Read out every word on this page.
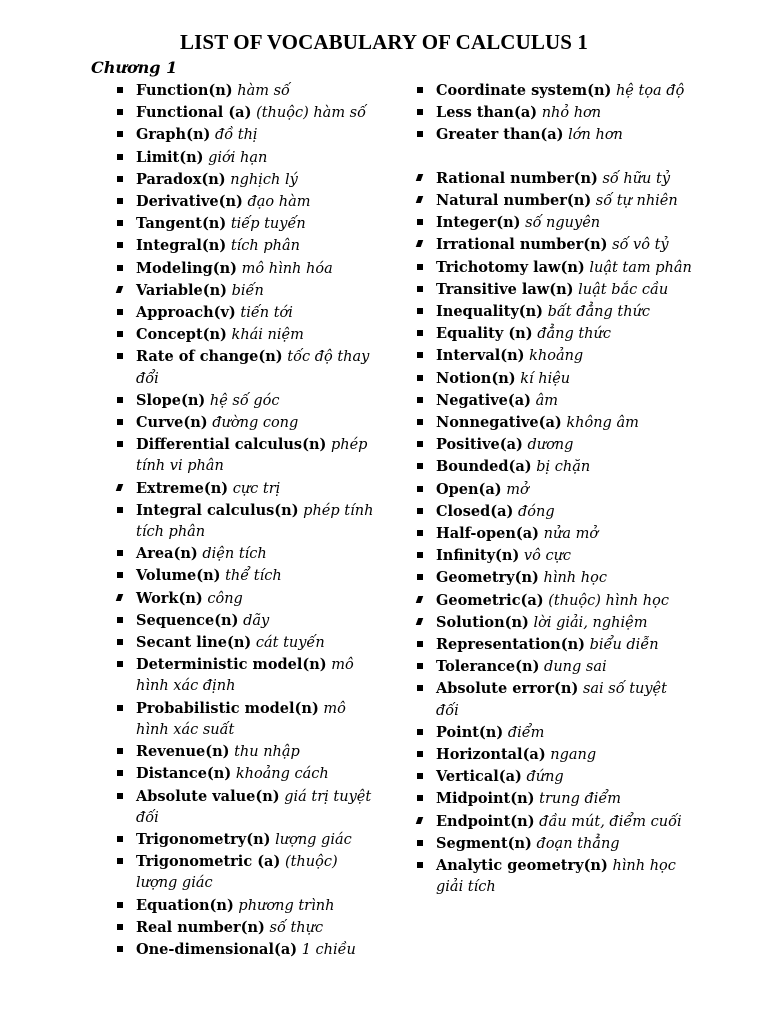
LIST OF VOCABULARY OF CALCULUS 1
Chương 1
Function(n) hàm số
Functional (a) (thuộc) hàm số
Graph(n) đồ thị
Limit(n) giới hạn
Paradox(n) nghịch lý
Derivative(n) đạo hàm
Tangent(n) tiếp tuyến
Integral(n) tích phân
Modeling(n) mô hình hóa
Variable(n) biến
Approach(v) tiến tới
Concept(n) khái niệm
Rate of change(n) tốc độ thay đổi
Slope(n) hệ số góc
Curve(n) đường cong
Differential calculus(n) phép tính vi phân
Extreme(n) cực trị
Integral calculus(n) phép tính tích phân
Area(n) diện tích
Volume(n) thể tích
Work(n) công
Sequence(n) dãy
Secant line(n) cát tuyến
Deterministic model(n) mô hình xác định
Probabilistic model(n) mô hình xác suất
Revenue(n) thu nhập
Distance(n) khoảng cách
Absolute value(n) giá trị tuyệt đối
Trigonometry(n) lượng giác
Trigonometric (a) (thuộc) lượng giác
Equation(n) phương trình
Real number(n) số thực
One-dimensional(a) 1 chiều
Coordinate system(n) hệ tọa độ
Less than(a) nhỏ hơn
Greater than(a) lớn hơn
Rational number(n) số hữu tỷ
Natural number(n) số tự nhiên
Integer(n) số nguyên
Irrational number(n) số vô tỷ
Trichotomy law(n) luật tam phân
Transitive law(n) luật bắc cầu
Inequality(n) bất đẳng thức
Equality (n) đẳng thức
Interval(n) khoảng
Notion(n) kí hiệu
Negative(a) âm
Nonnegative(a) không âm
Positive(a) dương
Bounded(a) bị chặn
Open(a) mở
Closed(a) đóng
Half-open(a) nửa mở
Infinity(n) vô cực
Geometry(n) hình học
Geometric(a) (thuộc) hình học
Solution(n) lời giải, nghiệm
Representation(n) biểu diễn
Tolerance(n) dung sai
Absolute error(n) sai số tuyệt đối
Point(n) điểm
Horizontal(a) ngang
Vertical(a) đứng
Midpoint(n) trung điểm
Endpoint(n) đầu mút, điểm cuối
Segment(n) đoạn thẳng
Analytic geometry(n) hình học giải tích
